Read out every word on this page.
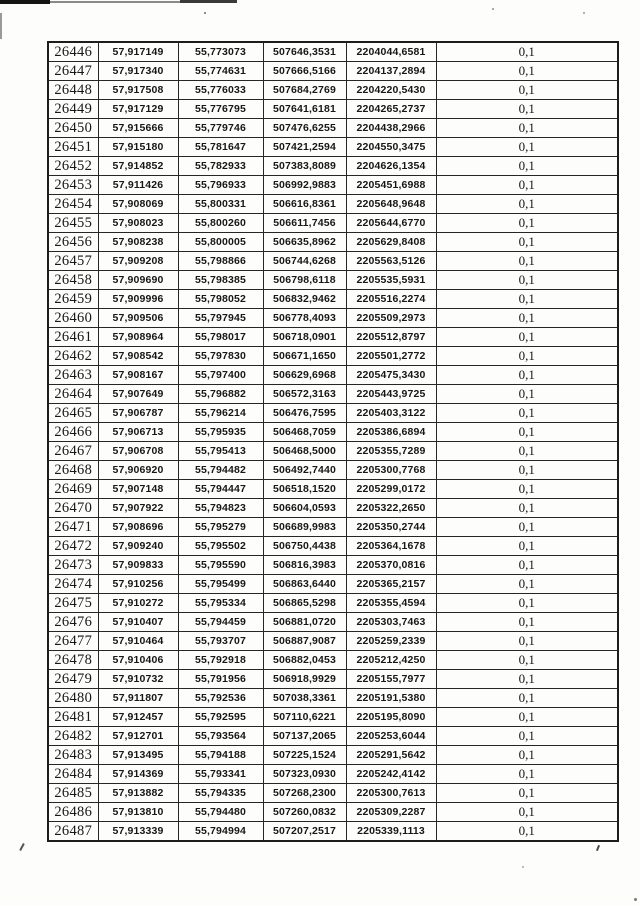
26446	57,917149	55,773073	507646,3531	2204044,6581	0,1
26447	57,917340	55,774631	507666,5166	2204137,2894	0,1
26448	57,917508	55,776033	507684,2769	2204220,5430	0,1
26449	57,917129	55,776795	507641,6181	2204265,2737	0,1
26450	57,915666	55,779746	507476,6255	2204438,2966	0,1
26451	57,915180	55,781647	507421,2594	2204550,3475	0,1
26452	57,914852	55,782933	507383,8089	2204626,1354	0,1
26453	57,911426	55,796933	506992,9883	2205451,6988	0,1
26454	57,908069	55,800331	506616,8361	2205648,9648	0,1
26455	57,908023	55,800260	506611,7456	2205644,6770	0,1
26456	57,908238	55,800005	506635,8962	2205629,8408	0,1
26457	57,909208	55,798866	506744,6268	2205563,5126	0,1
26458	57,909690	55,798385	506798,6118	2205535,5931	0,1
26459	57,909996	55,798052	506832,9462	2205516,2274	0,1
26460	57,909506	55,797945	506778,4093	2205509,2973	0,1
26461	57,908964	55,798017	506718,0901	2205512,8797	0,1
26462	57,908542	55,797830	506671,1650	2205501,2772	0,1
26463	57,908167	55,797400	506629,6968	2205475,3430	0,1
26464	57,907649	55,796882	506572,3163	2205443,9725	0,1
26465	57,906787	55,796214	506476,7595	2205403,3122	0,1
26466	57,906713	55,795935	506468,7059	2205386,6894	0,1
26467	57,906708	55,795413	506468,5000	2205355,7289	0,1
26468	57,906920	55,794482	506492,7440	2205300,7768	0,1
26469	57,907148	55,794447	506518,1520	2205299,0172	0,1
26470	57,907922	55,794823	506604,0593	2205322,2650	0,1
26471	57,908696	55,795279	506689,9983	2205350,2744	0,1
26472	57,909240	55,795502	506750,4438	2205364,1678	0,1
26473	57,909833	55,795590	506816,3983	2205370,0816	0,1
26474	57,910256	55,795499	506863,6440	2205365,2157	0,1
26475	57,910272	55,795334	506865,5298	2205355,4594	0,1
26476	57,910407	55,794459	506881,0720	2205303,7463	0,1
26477	57,910464	55,793707	506887,9087	2205259,2339	0,1
26478	57,910406	55,792918	506882,0453	2205212,4250	0,1
26479	57,910732	55,791956	506918,9929	2205155,7977	0,1
26480	57,911807	55,792536	507038,3361	2205191,5380	0,1
26481	57,912457	55,792595	507110,6221	2205195,8090	0,1
26482	57,912701	55,793564	507137,2065	2205253,6044	0,1
26483	57,913495	55,794188	507225,1524	2205291,5642	0,1
26484	57,914369	55,793341	507323,0930	2205242,4142	0,1
26485	57,913882	55,794335	507268,2300	2205300,7613	0,1
26486	57,913810	55,794480	507260,0832	2205309,2287	0,1
26487	57,913339	55,794994	507207,2517	2205339,1113	0,1
